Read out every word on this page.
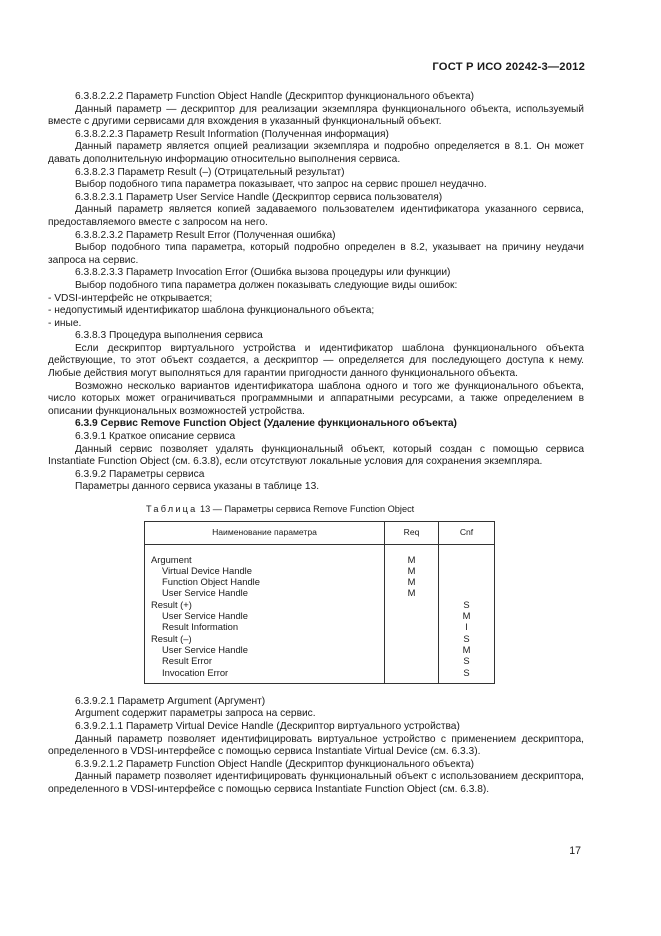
ГОСТ Р ИСО 20242-3—2012

6.3.8.2.2.2 Параметр Function Object Handle (Дескриптор функционального объекта)

Данный параметр — дескриптор для реализации экземпляра функционального объекта, используемый вместе с другими сервисами для вхождения в указанный функциональный объект.

6.3.8.2.2.3 Параметр Result Information (Полученная информация)

Данный параметр является опцией реализации экземпляра и подробно определяется в 8.1. Он может давать дополнительную информацию относительно выполнения сервиса.

6.3.8.2.3 Параметр Result (–) (Отрицательный результат)

Выбор подобного типа параметра показывает, что запрос на сервис прошел неудачно.

6.3.8.2.3.1 Параметр User Service Handle (Дескриптор сервиса пользователя)

Данный параметр является копией задаваемого пользователем идентификатора указанного сервиса, предоставляемого вместе с запросом на него.

6.3.8.2.3.2 Параметр Result Error (Полученная ошибка)

Выбор подобного типа параметра, который подробно определен в 8.2, указывает на причину неудачи запроса на сервис.

6.3.8.2.3.3 Параметр Invocation Error (Ошибка вызова процедуры или функции)

Выбор подобного типа параметра должен показывать следующие виды ошибок:

- VDSI-интерфейс не открывается;

- недопустимый идентификатор шаблона функционального объекта;

- иные.

6.3.8.3 Процедура выполнения сервиса

Если дескриптор виртуального устройства и идентификатор шаблона функционального объекта действующие, то этот объект создается, а дескриптор — определяется для последующего доступа к нему. Любые действия могут выполняться для гарантии пригодности данного функционального объекта.

Возможно несколько вариантов идентификатора шаблона одного и того же функционального объекта, число которых может ограничиваться программными и аппаратными ресурсами, а также определением в описании функциональных возможностей устройства.

6.3.9 Сервис Remove Function Object (Удаление функционального объекта)

6.3.9.1 Краткое описание сервиса

Данный сервис позволяет удалять функциональный объект, который создан с помощью сервиса Instantiate Function Object (см. 6.3.8), если отсутствуют локальные условия для сохранения экземпляра.

6.3.9.2 Параметры сервиса

Параметры данного сервиса указаны в таблице 13.

Таблица 13 — Параметры сервиса Remove Function Object
Наименование параметра	Req	Cnf
Argument	M	
Virtual Device Handle	M	
Function Object Handle	M	
User Service Handle	M	
Result (+)		S
User Service Handle		M
Result Information		I
Result (–)		S
User Service Handle		M
Result Error		S
Invocation Error		S

6.3.9.2.1 Параметр Argument (Аргумент)

Argument содержит параметры запроса на сервис.

6.3.9.2.1.1 Параметр Virtual Device Handle (Дескриптор виртуального устройства)

Данный параметр позволяет идентифицировать виртуальное устройство с применением дескриптора, определенного в VDSI-интерфейсе с помощью сервиса Instantiate Virtual Device (см. 6.3.3).

6.3.9.2.1.2 Параметр Function Object Handle (Дескриптор функционального объекта)

Данный параметр позволяет идентифицировать функциональный объект с использованием дескриптора, определенного в VDSI-интерфейсе с помощью сервиса Instantiate Function Object (см. 6.3.8).

17
